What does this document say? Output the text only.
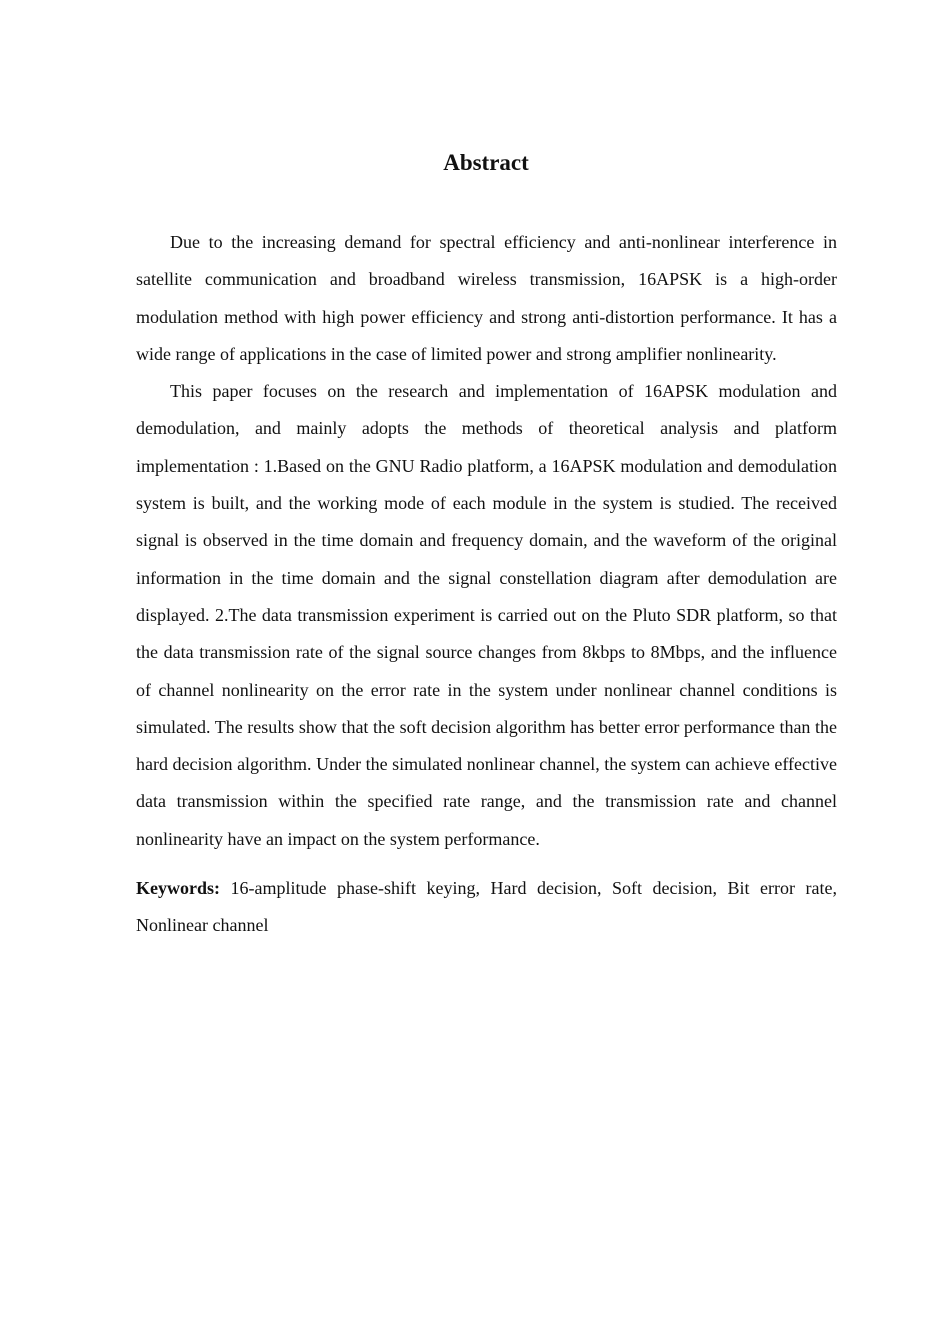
Abstract

Due to the increasing demand for spectral efficiency and anti-nonlinear interference in satellite communication and broadband wireless transmission, 16APSK is a high-order modulation method with high power efficiency and strong anti-distortion performance. It has a wide range of applications in the case of limited power and strong amplifier nonlinearity.

This paper focuses on the research and implementation of 16APSK modulation and demodulation, and mainly adopts the methods of theoretical analysis and platform implementation : 1.Based on the GNU Radio platform, a 16APSK modulation and demodulation system is built, and the working mode of each module in the system is studied. The received signal is observed in the time domain and frequency domain, and the waveform of the original information in the time domain and the signal constellation diagram after demodulation are displayed. 2.The data transmission experiment is carried out on the Pluto SDR platform, so that the data transmission rate of the signal source changes from 8kbps to 8Mbps, and the influence of channel nonlinearity on the error rate in the system under nonlinear channel conditions is simulated. The results show that the soft decision algorithm has better error performance than the hard decision algorithm. Under the simulated nonlinear channel, the system can achieve effective data transmission within the specified rate range, and the transmission rate and channel nonlinearity have an impact on the system performance.

Keywords: 16-amplitude phase-shift keying, Hard decision, Soft decision, Bit error rate, Nonlinear channel
